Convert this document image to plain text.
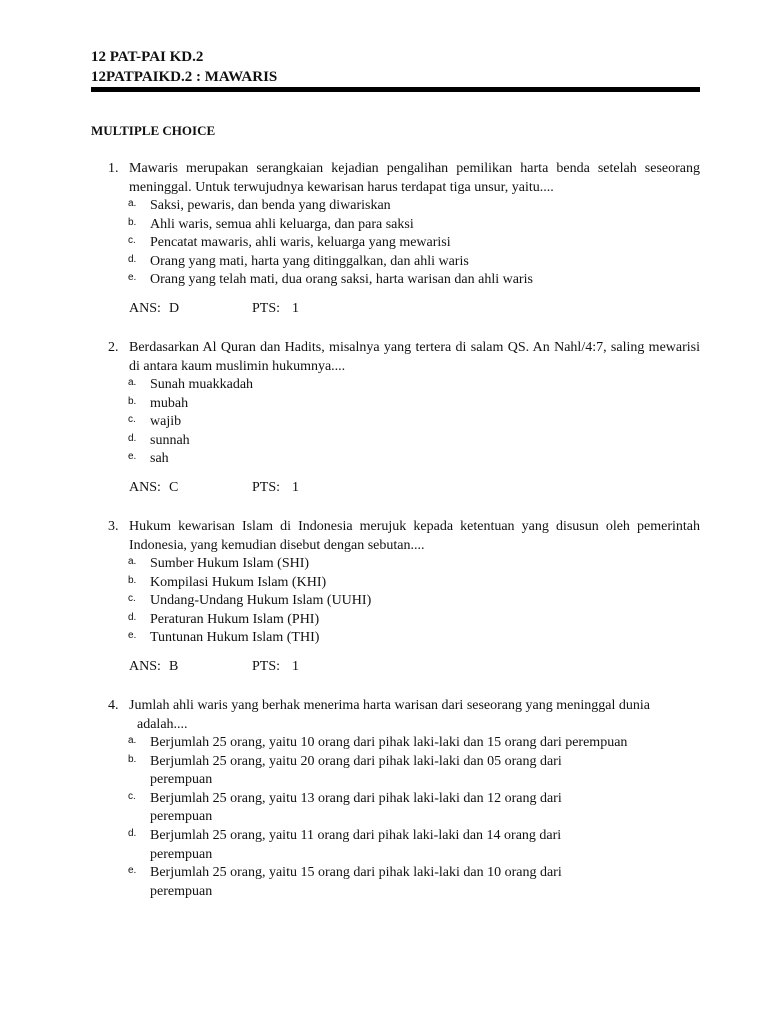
12 PAT-PAI KD.2
12PATPAIKD.2 : MAWARIS
MULTIPLE CHOICE
1. Mawaris merupakan serangkaian kejadian pengalihan pemilikan harta benda setelah seseorang meninggal. Untuk terwujudnya kewarisan harus terdapat tiga unsur, yaitu....
a. Saksi, pewaris, dan benda yang diwariskan
b. Ahli waris, semua ahli keluarga, dan para saksi
c. Pencatat mawaris, ahli waris, keluarga yang mewarisi
d. Orang yang mati, harta yang ditinggalkan, dan ahli waris
e. Orang yang telah mati, dua orang saksi, harta warisan dan ahli waris
ANS: D	PTS: 1
2. Berdasarkan Al Quran dan Hadits, misalnya yang tertera di salam QS. An Nahl/4:7, saling mewarisi di antara kaum muslimin hukumnya....
a. Sunah muakkadah
b. mubah
c. wajib
d. sunnah
e. sah
ANS: C	PTS: 1
3. Hukum kewarisan Islam di Indonesia merujuk kepada ketentuan yang disusun oleh pemerintah Indonesia, yang kemudian disebut dengan sebutan....
a. Sumber Hukum Islam (SHI)
b. Kompilasi Hukum Islam (KHI)
c. Undang-Undang Hukum Islam (UUHI)
d. Peraturan Hukum Islam (PHI)
e. Tuntunan Hukum Islam (THI)
ANS: B	PTS: 1
4. Jumlah ahli waris yang berhak menerima harta warisan dari seseorang yang meninggal dunia
adalah....
a. Berjumlah 25 orang, yaitu 10 orang dari pihak laki-laki dan 15 orang dari perempuan
b. Berjumlah 25 orang, yaitu 20 orang dari pihak laki-laki dan 05 orang dari perempuan
c. Berjumlah 25 orang, yaitu 13 orang dari pihak laki-laki dan 12 orang dari perempuan
d. Berjumlah 25 orang, yaitu 11 orang dari pihak laki-laki dan 14 orang dari perempuan
e. Berjumlah 25 orang, yaitu 15 orang dari pihak laki-laki dan 10 orang dari perempuan
